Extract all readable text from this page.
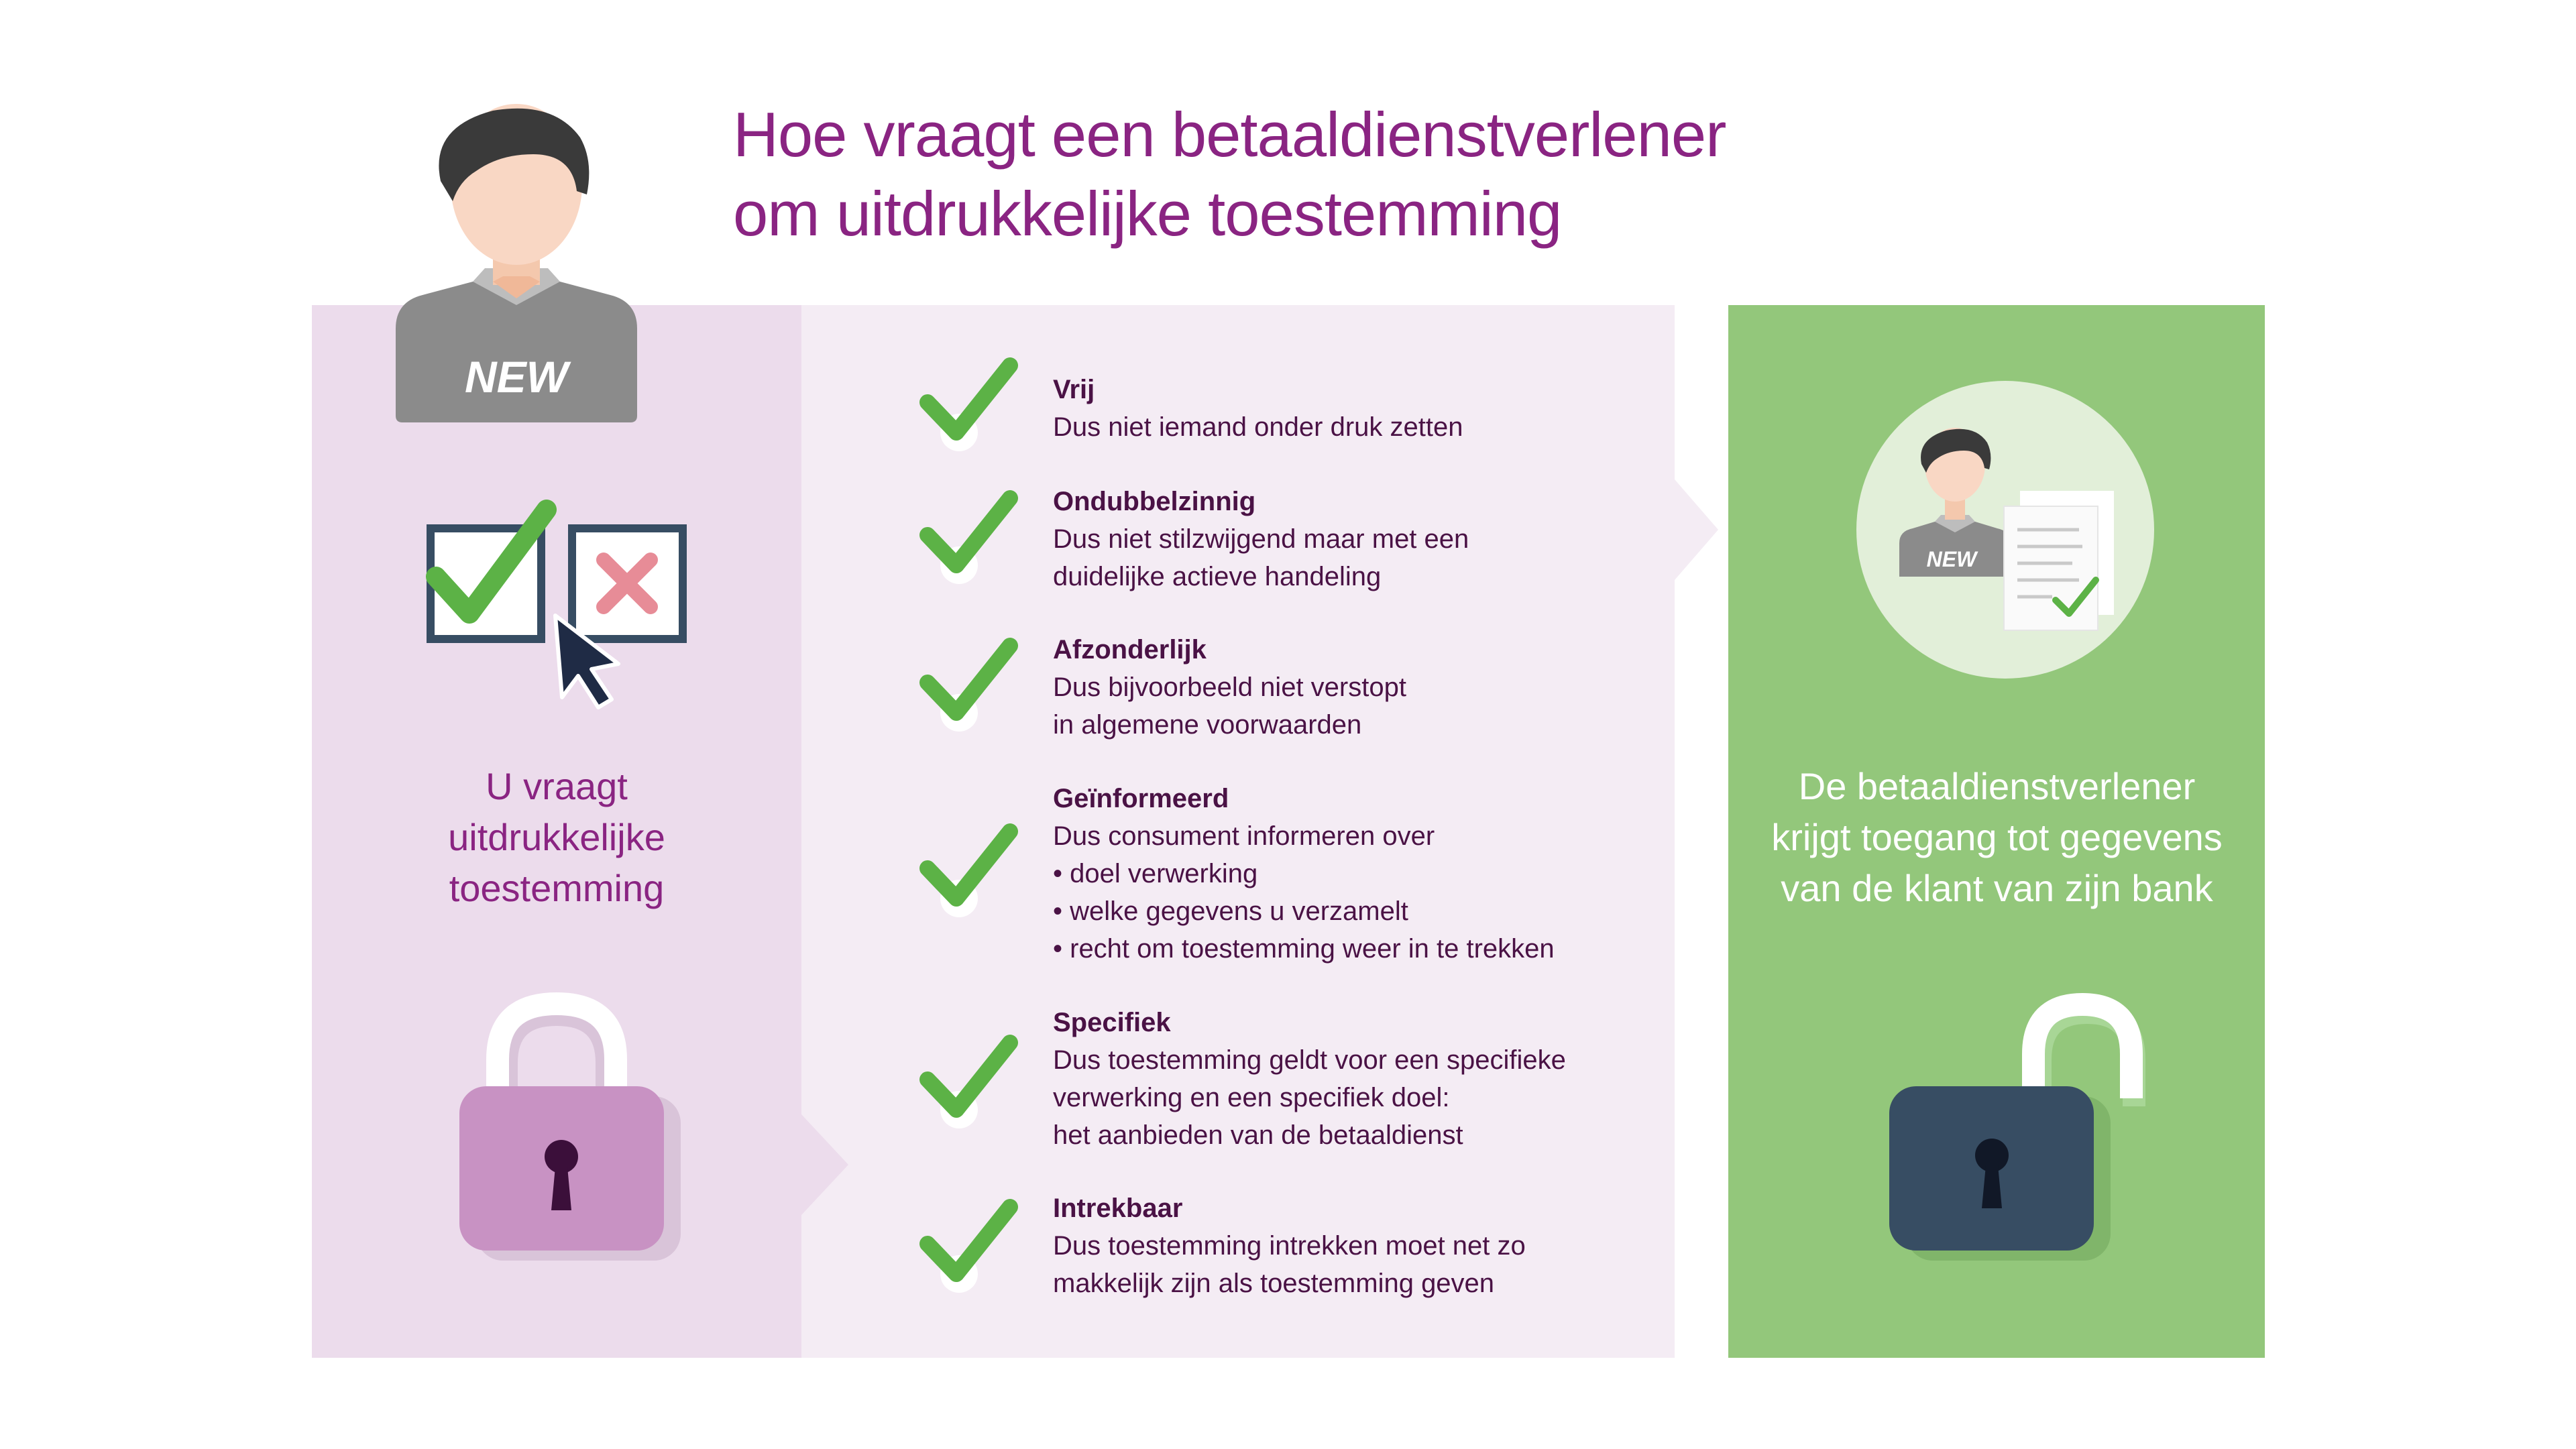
Hoe vraagt een betaaldienstverlener
om uitdrukkelijke toestemming
NEW
U vraagt
uitdrukkelijke
toestemming
Vrij
Dus niet iemand onder druk zetten
Ondubbelzinnig
Dus niet stilzwijgend maar met een
duidelijke actieve handeling
Afzonderlijk
Dus bijvoorbeeld niet verstopt
in algemene voorwaarden
Geïnformeerd
Dus consument informeren over
• doel verwerking
• welke gegevens u verzamelt
• recht om toestemming weer in te trekken
Specifiek
Dus toestemming geldt voor een specifieke
verwerking en een specifiek doel:
het aanbieden van de betaaldienst
Intrekbaar
Dus toestemming intrekken moet net zo
makkelijk zijn als toestemming geven
NEW
De betaaldienstverlener
krijgt toegang tot gegevens
van de klant van zijn bank
